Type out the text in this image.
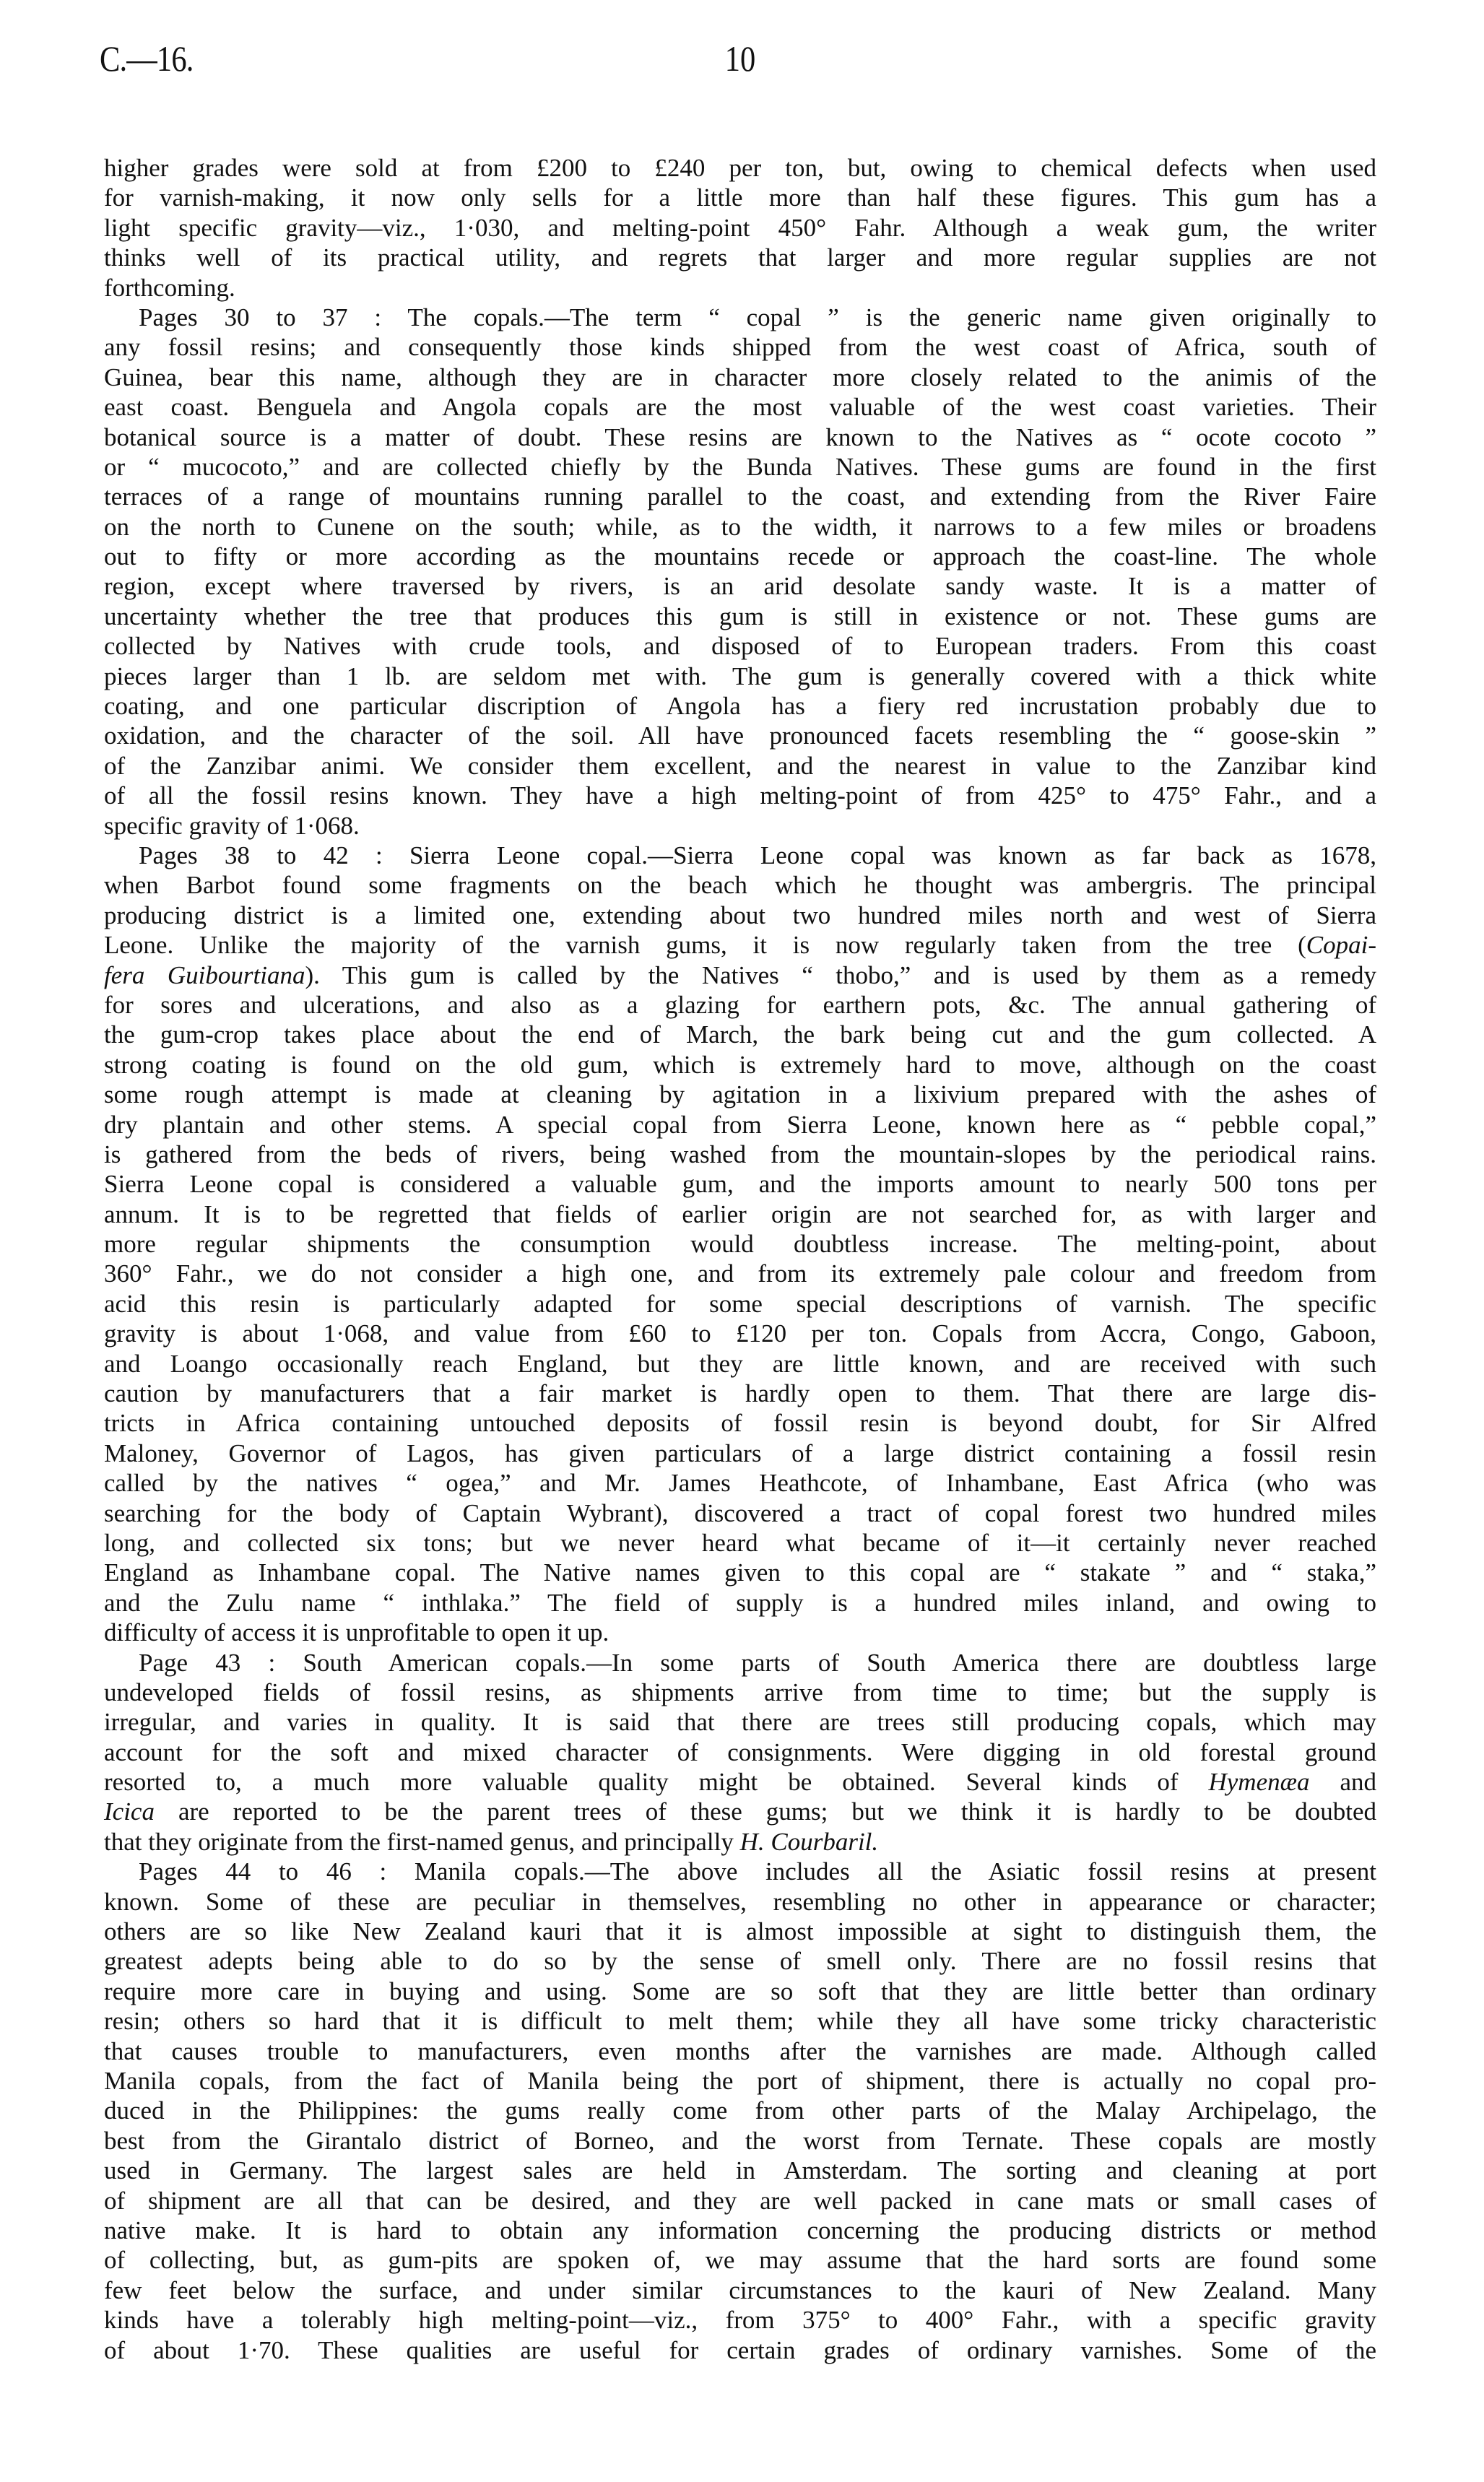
C.—16.	10
higher grades were sold at from £200 to £240 per ton, but, owing to chemical defects when used
for varnish-making, it now only sells for a little more than half these figures. This gum has a
light specific gravity—viz., 1·030, and melting-point 450° Fahr. Although a weak gum, the writer
thinks well of its practical utility, and regrets that larger and more regular supplies are not
forthcoming.
Pages 30 to 37 : The copals.—The term “ copal ” is the generic name given originally to
any fossil resins; and consequently those kinds shipped from the west coast of Africa, south of
Guinea, bear this name, although they are in character more closely related to the animis of the
east coast. Benguela and Angola copals are the most valuable of the west coast varieties. Their
botanical source is a matter of doubt. These resins are known to the Natives as “ ocote cocoto ”
or “ mucocoto,” and are collected chiefly by the Bunda Natives. These gums are found in the first
terraces of a range of mountains running parallel to the coast, and extending from the River Faire
on the north to Cunene on the south; while, as to the width, it narrows to a few miles or broadens
out to fifty or more according as the mountains recede or approach the coast-line. The whole
region, except where traversed by rivers, is an arid desolate sandy waste. It is a matter of
uncertainty whether the tree that produces this gum is still in existence or not. These gums are
collected by Natives with crude tools, and disposed of to European traders. From this coast
pieces larger than 1 lb. are seldom met with. The gum is generally covered with a thick white
coating, and one particular discription of Angola has a fiery red incrustation probably due to
oxidation, and the character of the soil. All have pronounced facets resembling the “ goose-skin ”
of the Zanzibar animi. We consider them excellent, and the nearest in value to the Zanzibar kind
of all the fossil resins known. They have a high melting-point of from 425° to 475° Fahr., and a
specific gravity of 1·068.
Pages 38 to 42 : Sierra Leone copal.—Sierra Leone copal was known as far back as 1678,
when Barbot found some fragments on the beach which he thought was ambergris. The principal
producing district is a limited one, extending about two hundred miles north and west of Sierra
Leone. Unlike the majority of the varnish gums, it is now regularly taken from the tree (Copai-
fera Guibourtiana). This gum is called by the Natives “ thobo,” and is used by them as a remedy
for sores and ulcerations, and also as a glazing for earthern pots, &c. The annual gathering of
the gum-crop takes place about the end of March, the bark being cut and the gum collected. A
strong coating is found on the old gum, which is extremely hard to move, although on the coast
some rough attempt is made at cleaning by agitation in a lixivium prepared with the ashes of
dry plantain and other stems. A special copal from Sierra Leone, known here as “ pebble copal,”
is gathered from the beds of rivers, being washed from the mountain-slopes by the periodical rains.
Sierra Leone copal is considered a valuable gum, and the imports amount to nearly 500 tons per
annum. It is to be regretted that fields of earlier origin are not searched for, as with larger and
more regular shipments the consumption would doubtless increase. The melting-point, about
360° Fahr., we do not consider a high one, and from its extremely pale colour and freedom from
acid this resin is particularly adapted for some special descriptions of varnish. The specific
gravity is about 1·068, and value from £60 to £120 per ton. Copals from Accra, Congo, Gaboon,
and Loango occasionally reach England, but they are little known, and are received with such
caution by manufacturers that a fair market is hardly open to them. That there are large dis-
tricts in Africa containing untouched deposits of fossil resin is beyond doubt, for Sir Alfred
Maloney, Governor of Lagos, has given particulars of a large district containing a fossil resin
called by the natives “ ogea,” and Mr. James Heathcote, of Inhambane, East Africa (who was
searching for the body of Captain Wybrant), discovered a tract of copal forest two hundred miles
long, and collected six tons; but we never heard what became of it—it certainly never reached
England as Inhambane copal. The Native names given to this copal are “ stakate ” and “ staka,”
and the Zulu name “ inthlaka.” The field of supply is a hundred miles inland, and owing to
difficulty of access it is unprofitable to open it up.
Page 43 : South American copals.—In some parts of South America there are doubtless large
undeveloped fields of fossil resins, as shipments arrive from time to time; but the supply is
irregular, and varies in quality. It is said that there are trees still producing copals, which may
account for the soft and mixed character of consignments. Were digging in old forestal ground
resorted to, a much more valuable quality might be obtained. Several kinds of Hymenæa and
Icica are reported to be the parent trees of these gums; but we think it is hardly to be doubted
that they originate from the first-named genus, and principally H. Courbaril.
Pages 44 to 46 : Manila copals.—The above includes all the Asiatic fossil resins at present
known. Some of these are peculiar in themselves, resembling no other in appearance or character;
others are so like New Zealand kauri that it is almost impossible at sight to distinguish them, the
greatest adepts being able to do so by the sense of smell only. There are no fossil resins that
require more care in buying and using. Some are so soft that they are little better than ordinary
resin; others so hard that it is difficult to melt them; while they all have some tricky characteristic
that causes trouble to manufacturers, even months after the varnishes are made. Although called
Manila copals, from the fact of Manila being the port of shipment, there is actually no copal pro-
duced in the Philippines: the gums really come from other parts of the Malay Archipelago, the
best from the Girantalo district of Borneo, and the worst from Ternate. These copals are mostly
used in Germany. The largest sales are held in Amsterdam. The sorting and cleaning at port
of shipment are all that can be desired, and they are well packed in cane mats or small cases of
native make. It is hard to obtain any information concerning the producing districts or method
of collecting, but, as gum-pits are spoken of, we may assume that the hard sorts are found some
few feet below the surface, and under similar circumstances to the kauri of New Zealand. Many
kinds have a tolerably high melting-point—viz., from 375° to 400° Fahr., with a specific gravity
of about 1·70. These qualities are useful for certain grades of ordinary varnishes. Some of the
